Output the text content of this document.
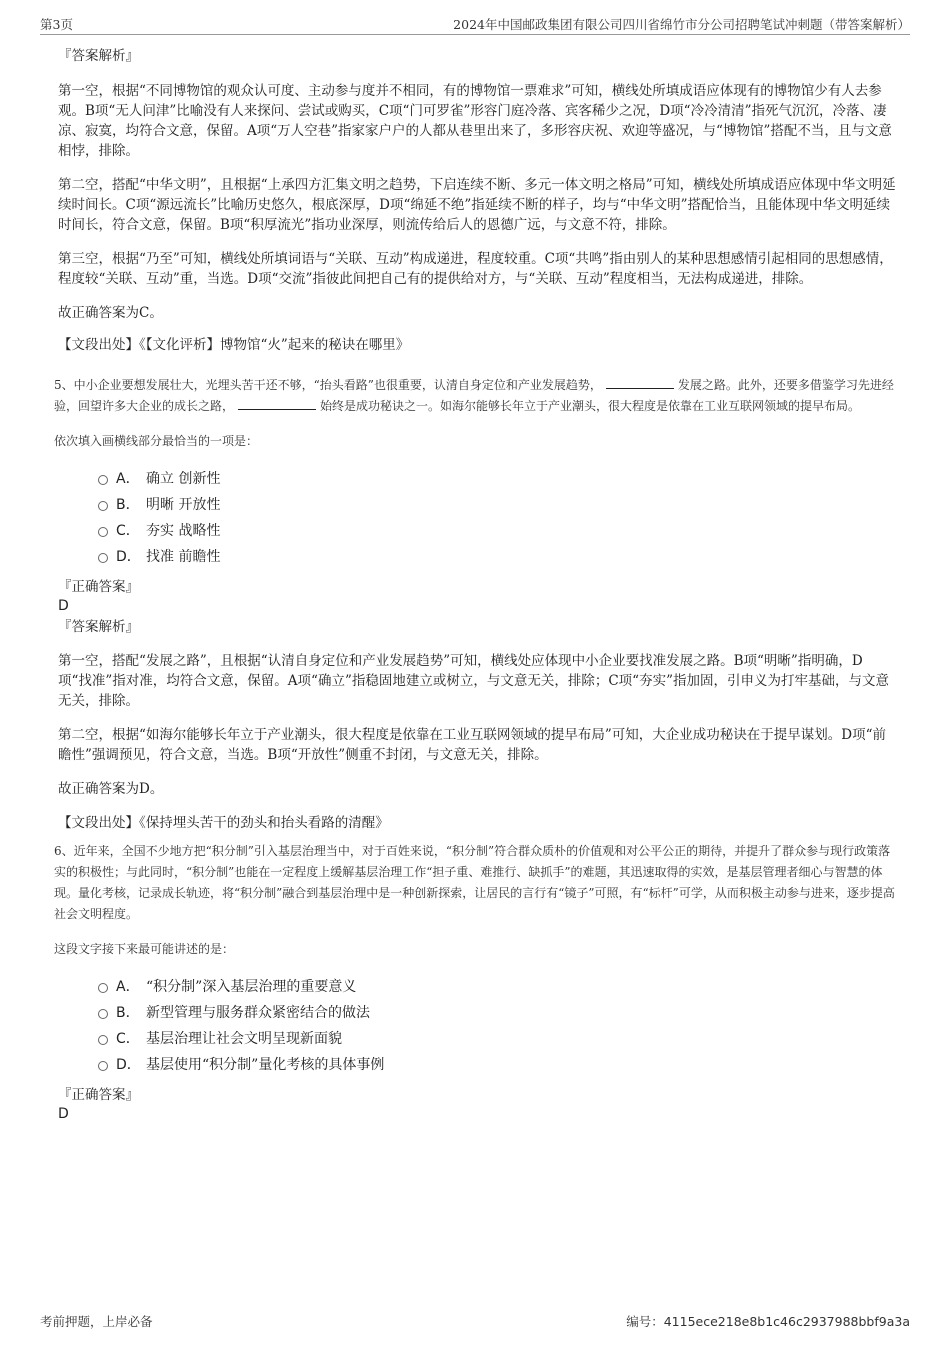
第3页	2024年中国邮政集团有限公司四川省绵竹市分公司招聘笔试冲刺题（带答案解析）

『答案解析』

第一空，根据“不同博物馆的观众认可度、主动参与度并不相同，有的博物馆一票难求”可知，横线处所填成语应体现有的博物馆少有人去参观。B项“无人问津”比喻没有人来探问、尝试或购买，C项“门可罗雀”形容门庭冷落、宾客稀少之况，D项“冷冷清清”指死气沉沉，冷落、凄凉、寂寞，均符合文意，保留。A项“万人空巷”指家家户户的人都从巷里出来了，多形容庆祝、欢迎等盛况，与“博物馆”搭配不当，且与文意相悖，排除。

第二空，搭配“中华文明”，且根据“上承四方汇集文明之趋势，下启连续不断、多元一体文明之格局”可知，横线处所填成语应体现中华文明延续时间长。C项“源远流长”比喻历史悠久，根底深厚，D项“绵延不绝”指延续不断的样子，均与“中华文明”搭配恰当，且能体现中华文明延续时间长，符合文意，保留。B项“积厚流光”指功业深厚，则流传给后人的恩德广远，与文意不符，排除。

第三空，根据“乃至”可知，横线处所填词语与“关联、互动”构成递进，程度较重。C项“共鸣”指由别人的某种思想感情引起相同的思想感情，程度较“关联、互动”重，当选。D项“交流”指彼此间把自己有的提供给对方，与“关联、互动”程度相当，无法构成递进，排除。

故正确答案为C。

【文段出处】《【文化评析】博物馆“火”起来的秘诀在哪里》

5、中小企业要想发展壮大，光埋头苦干还不够，“抬头看路”也很重要，认清自身定位和产业发展趋势，	发展之路。此外，还要多借鉴学习先进经验，回望许多大企业的成长之路，	始终是成功秘诀之一。如海尔能够长年立于产业潮头，很大程度是依靠在工业互联网领域的提早布局。

依次填入画横线部分最恰当的一项是：

A． 确立 创新性
B． 明晰 开放性
C． 夯实 战略性
D． 找准 前瞻性

『正确答案』

D

『答案解析』

第一空，搭配“发展之路”，且根据“认清自身定位和产业发展趋势”可知，横线处应体现中小企业要找准发展之路。B项“明晰”指明确，D项“找准”指对准，均符合文意，保留。A项“确立”指稳固地建立或树立，与文意无关，排除；C项“夯实”指加固，引申义为打牢基础，与文意无关，排除。

第二空，根据“如海尔能够长年立于产业潮头，很大程度是依靠在工业互联网领域的提早布局”可知，大企业成功秘诀在于提早谋划。D项“前瞻性”强调预见，符合文意，当选。B项“开放性”侧重不封闭，与文意无关，排除。

故正确答案为D。

【文段出处】《保持埋头苦干的劲头和抬头看路的清醒》

6、近年来，全国不少地方把“积分制”引入基层治理当中，对于百姓来说，“积分制”符合群众质朴的价值观和对公平公正的期待，并提升了群众参与现行政策落实的积极性；与此同时，“积分制”也能在一定程度上缓解基层治理工作“担子重、难推行、缺抓手”的难题，其迅速取得的实效，是基层管理者细心与智慧的体现。量化考核，记录成长轨迹，将“积分制”融合到基层治理中是一种创新探索，让居民的言行有“镜子”可照，有“标杆”可学，从而积极主动参与进来，逐步提高社会文明程度。

这段文字接下来最可能讲述的是：

A． “积分制”深入基层治理的重要意义
B． 新型管理与服务群众紧密结合的做法
C． 基层治理让社会文明呈现新面貌
D． 基层使用“积分制”量化考核的具体事例

『正确答案』

D

考前押题，上岸必备	编号：4115ece218e8b1c46c2937988bbf9a3a
